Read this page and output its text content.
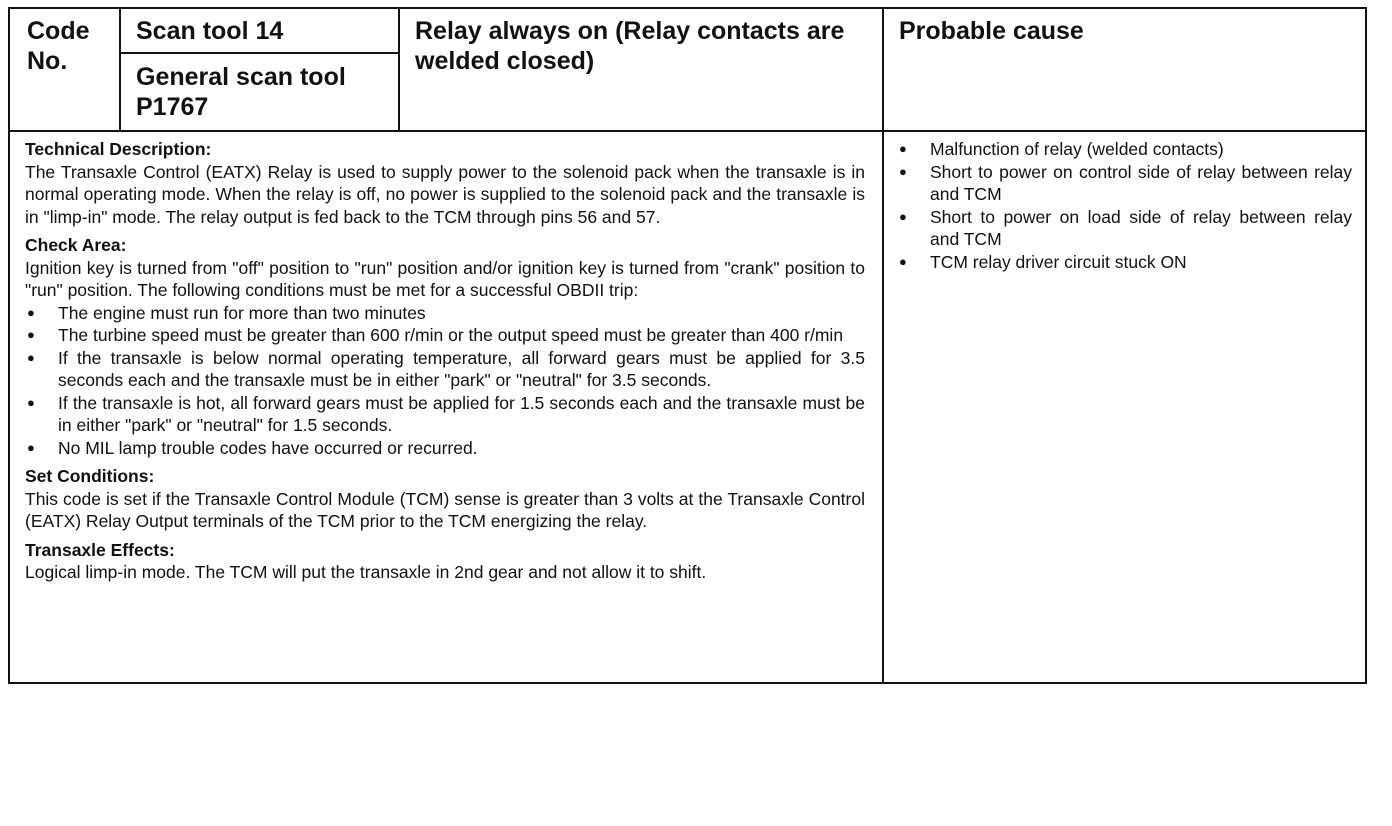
Code No.
Scan tool 14
General scan tool P1767
Relay always on (Relay contacts are welded closed)
Probable cause
Technical Description:
The Transaxle Control (EATX) Relay is used to supply power to the solenoid pack when the transaxle is in normal operating mode. When the relay is off, no power is supplied to the solenoid pack and the transaxle is in "limp-in" mode. The relay output is fed back to the TCM through pins 56 and 57.
Check Area:
Ignition key is turned from "off" position to "run" position and/or ignition key is turned from "crank" position to "run" position. The following conditions must be met for a successful OBDII trip:
● The engine must run for more than two minutes
● The turbine speed must be greater than 600 r/min or the output speed must be greater than 400 r/min
● If the transaxle is below normal operating temperature, all forward gears must be applied for 3.5 seconds each and the transaxle must be in either "park" or "neutral" for 3.5 seconds.
● If the transaxle is hot, all forward gears must be applied for 1.5 seconds each and the transaxle must be in either "park" or "neutral" for 1.5 seconds.
● No MIL lamp trouble codes have occurred or recurred.
Set Conditions:
This code is set if the Transaxle Control Module (TCM) sense is greater than 3 volts at the Transaxle Control (EATX) Relay Output terminals of the TCM prior to the TCM energizing the relay.
Transaxle Effects:
Logical limp-in mode. The TCM will put the transaxle in 2nd gear and not allow it to shift.
● Malfunction of relay (welded contacts)
● Short to power on control side of relay between relay and TCM
● Short to power on load side of relay between relay and TCM
● TCM relay driver circuit stuck ON
